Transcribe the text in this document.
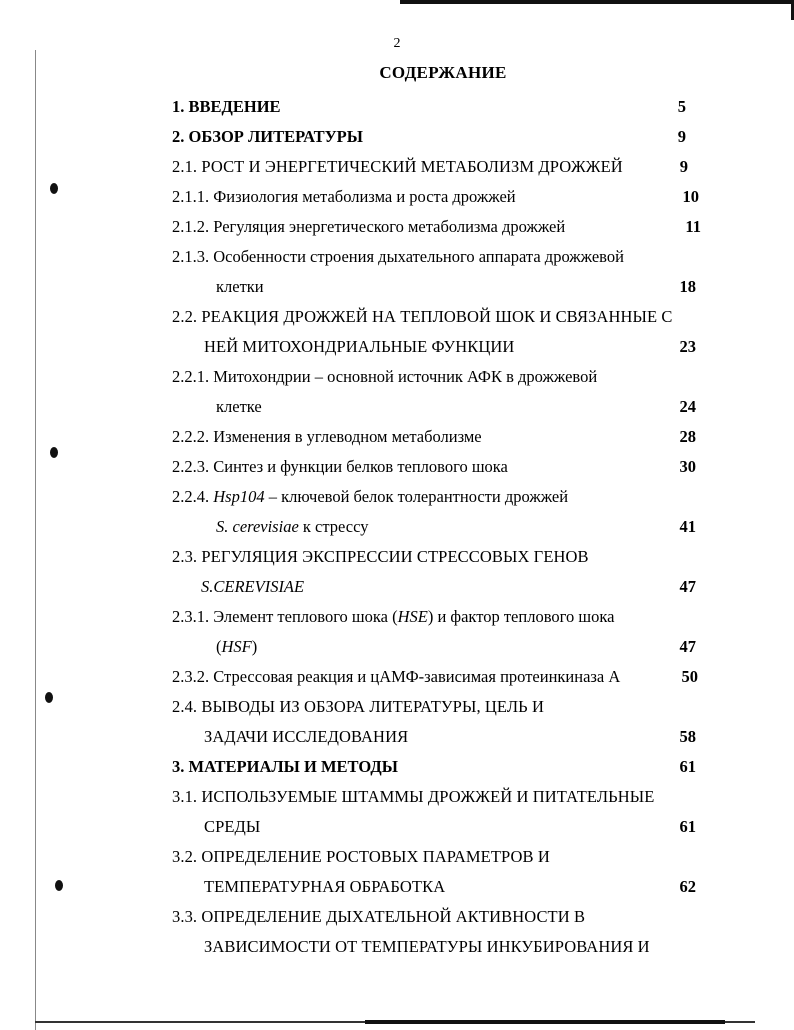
2
СОДЕРЖАНИЕ
1. ВВЕДЕНИЕ	5
2. ОБЗОР ЛИТЕРАТУРЫ	9
2.1. РОСТ И ЭНЕРГЕТИЧЕСКИЙ МЕТАБОЛИЗМ ДРОЖЖЕЙ	9
2.1.1. Физиология метаболизма и роста дрожжей	10
2.1.2. Регуляция энергетического метаболизма дрожжей	11
2.1.3. Особенности строения дыхательного аппарата дрожжевой
клетки	18
2.2. РЕАКЦИЯ ДРОЖЖЕЙ НА ТЕПЛОВОЙ ШОК И СВЯЗАННЫЕ С
НЕЙ МИТОХОНДРИАЛЬНЫЕ ФУНКЦИИ	23
2.2.1. Митохондрии – основной источник АФК в дрожжевой
клетке	24
2.2.2. Изменения в углеводном метаболизме	28
2.2.3. Синтез и функции белков теплового шока	30
2.2.4. Hsp104 – ключевой белок толерантности дрожжей
S. cerevisiae к стрессу	41
2.3. РЕГУЛЯЦИЯ ЭКСПРЕССИИ СТРЕССОВЫХ ГЕНОВ
S.CEREVISIAE	47
2.3.1. Элемент теплового шока (HSE) и фактор теплового шока
(HSF)	47
2.3.2. Стрессовая реакция и цАМФ-зависимая протеинкиназа А	50
2.4. ВЫВОДЫ ИЗ ОБЗОРА ЛИТЕРАТУРЫ, ЦЕЛЬ И
ЗАДАЧИ ИССЛЕДОВАНИЯ	58
3. МАТЕРИАЛЫ И МЕТОДЫ	61
3.1. ИСПОЛЬЗУЕМЫЕ ШТАММЫ ДРОЖЖЕЙ И ПИТАТЕЛЬНЫЕ
СРЕДЫ	61
3.2. ОПРЕДЕЛЕНИЕ РОСТОВЫХ ПАРАМЕТРОВ И
ТЕМПЕРАТУРНАЯ ОБРАБОТКА	62
3.3. ОПРЕДЕЛЕНИЕ ДЫХАТЕЛЬНОЙ АКТИВНОСТИ В
ЗАВИСИМОСТИ ОТ ТЕМПЕРАТУРЫ ИНКУБИРОВАНИЯ И
